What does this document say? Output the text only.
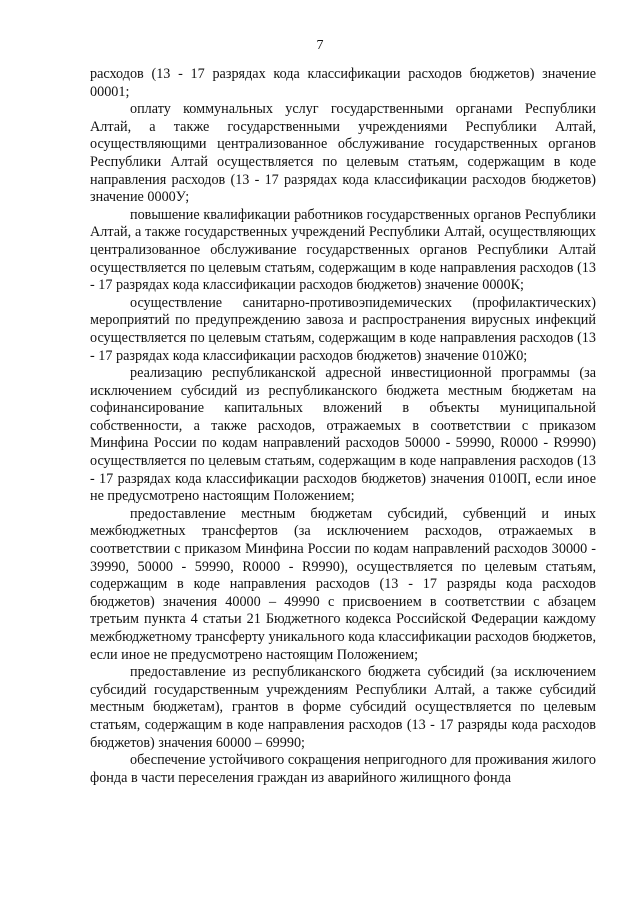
7

расходов (13 - 17 разрядах кода классификации расходов бюджетов) значение 00001;

оплату коммунальных услуг государственными органами Республики Алтай, а также государственными учреждениями Республики Алтай, осуществляющими централизованное обслуживание государственных органов Республики Алтай осуществляется по целевым статьям, содержащим в коде направления расходов (13 - 17 разрядах кода классификации расходов бюджетов) значение 0000У;

повышение квалификации работников государственных органов Республики Алтай, а также государственных учреждений Республики Алтай, осуществляющих централизованное обслуживание государственных органов Республики Алтай осуществляется по целевым статьям, содержащим в коде направления расходов (13 - 17 разрядах кода классификации расходов бюджетов) значение 0000К;

осуществление санитарно-противоэпидемических (профилактических) мероприятий по предупреждению завоза и распространения вирусных инфекций осуществляется по целевым статьям, содержащим в коде направления расходов (13 - 17 разрядах кода классификации расходов бюджетов) значение 010Ж0;

реализацию республиканской адресной инвестиционной программы (за исключением субсидий из республиканского бюджета местным бюджетам на софинансирование капитальных вложений в объекты муниципальной собственности, а также расходов, отражаемых в соответствии с приказом Минфина России по кодам направлений расходов 50000 - 59990, R0000 - R9990) осуществляется по целевым статьям, содержащим в коде направления расходов (13 - 17 разрядах кода классификации расходов бюджетов) значения 0100П, если иное не предусмотрено настоящим Положением;

предоставление местным бюджетам субсидий, субвенций и иных межбюджетных трансфертов (за исключением расходов, отражаемых в соответствии с приказом Минфина России по кодам направлений расходов 30000 - 39990, 50000 - 59990, R0000 - R9990), осуществляется по целевым статьям, содержащим в коде направления расходов (13 - 17 разряды кода расходов бюджетов) значения 40000 – 49990 с присвоением в соответствии с абзацем третьим пункта 4 статьи 21 Бюджетного кодекса Российской Федерации каждому межбюджетному трансферту уникального кода классификации расходов бюджетов, если иное не предусмотрено настоящим Положением;

предоставление из республиканского бюджета субсидий (за исключением субсидий государственным учреждениям Республики Алтай, а также субсидий местным бюджетам), грантов в форме субсидий осуществляется по целевым статьям, содержащим в коде направления расходов (13 - 17 разряды кода расходов бюджетов) значения 60000 – 69990;

обеспечение устойчивого сокращения непригодного для проживания жилого фонда в части переселения граждан из аварийного жилищного фонда
